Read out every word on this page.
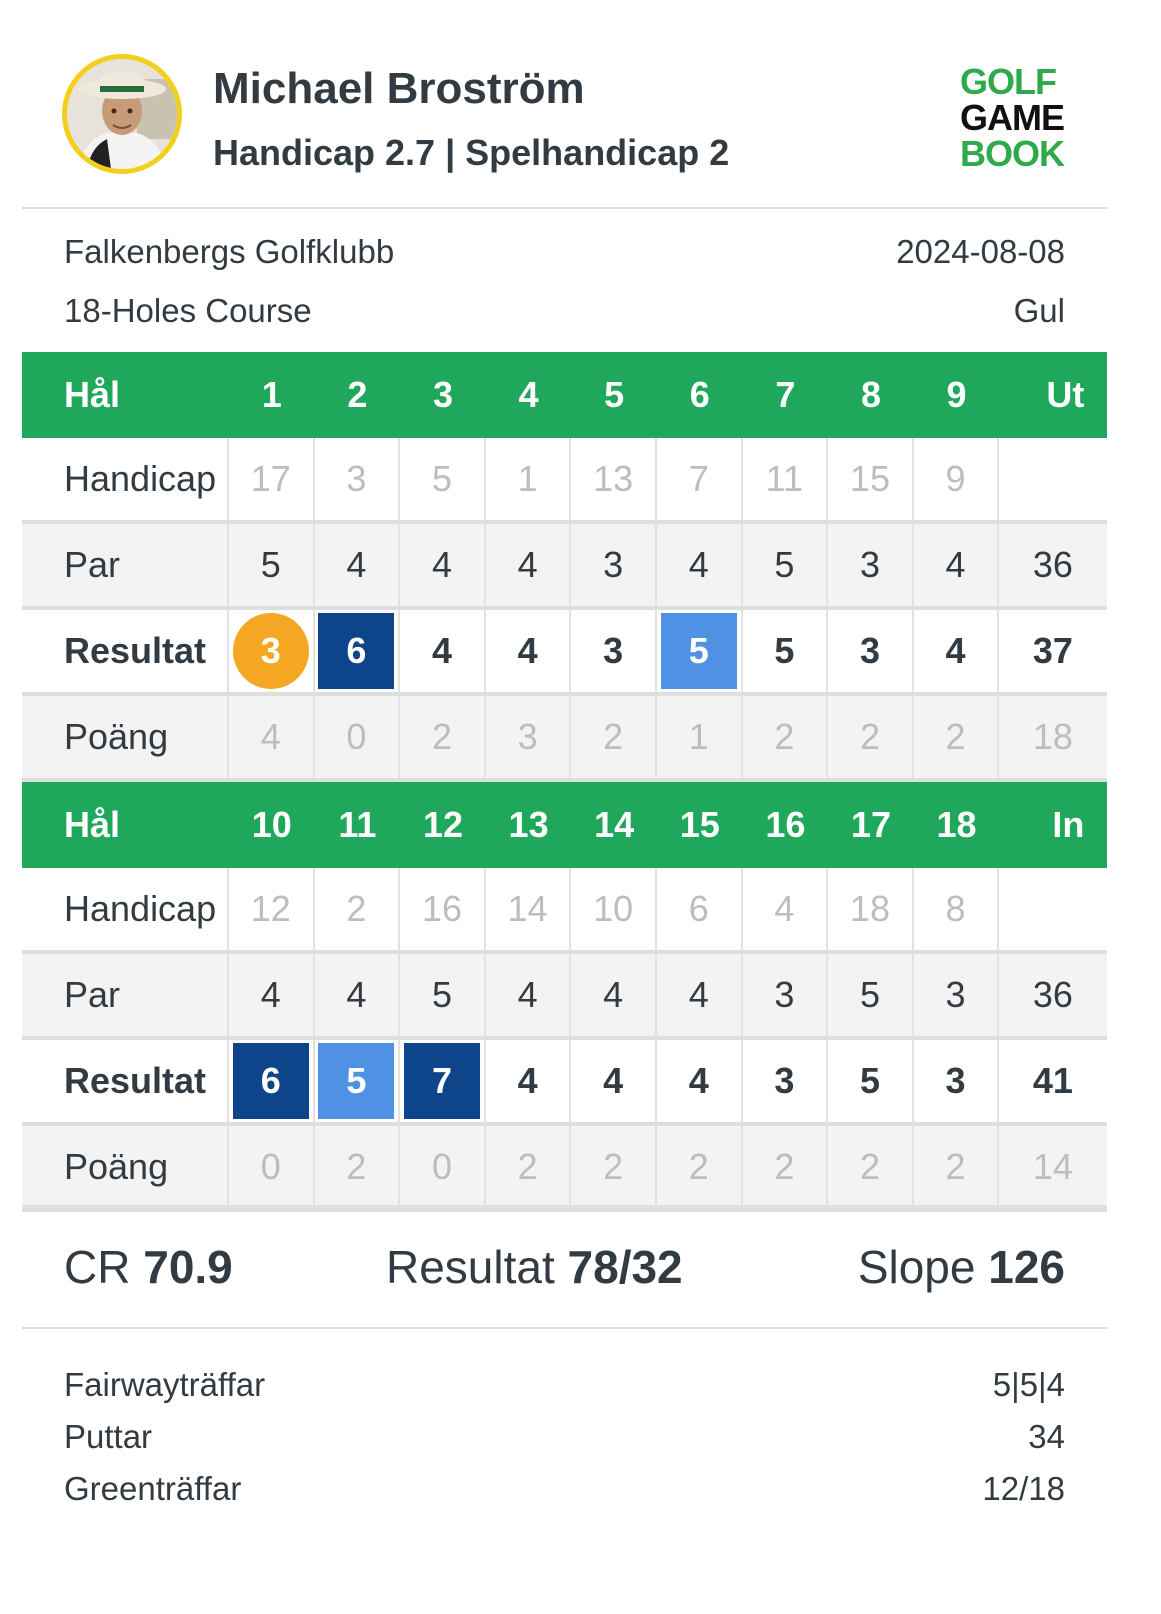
Michael Broström
Handicap 2.7 | Spelhandicap 2
GOLF
GAME
BOOK
Falkenbergs Golfklubb	2024-08-08
18-Holes Course	Gul
Hål	1	2	3	4	5	6	7	8	9	Ut
Handicap 17	3	5	1	13	7	11	15	9
Par	5	4	4	4	3	4	5	3	4	36
Resultat	3	6	4	4	3	5	5	3	4	37
Poäng	4	0	2	3	2	1	2	2	2	18
Hål	10	11	12	13	14	15	16	17	18	In
Handicap 12	2	16	14	10	6	4	18	8
Par	4	4	5	4	4	4	3	5	3	36
Resultat	6	5	7	4	4	4	3	5	3	41
Poäng	0	2	0	2	2	2	2	2	2	14
CR 70.9	Resultat 78/32	Slope 126
Fairwayträffar	5|5|4
Puttar	34
Greenträffar	12/18
